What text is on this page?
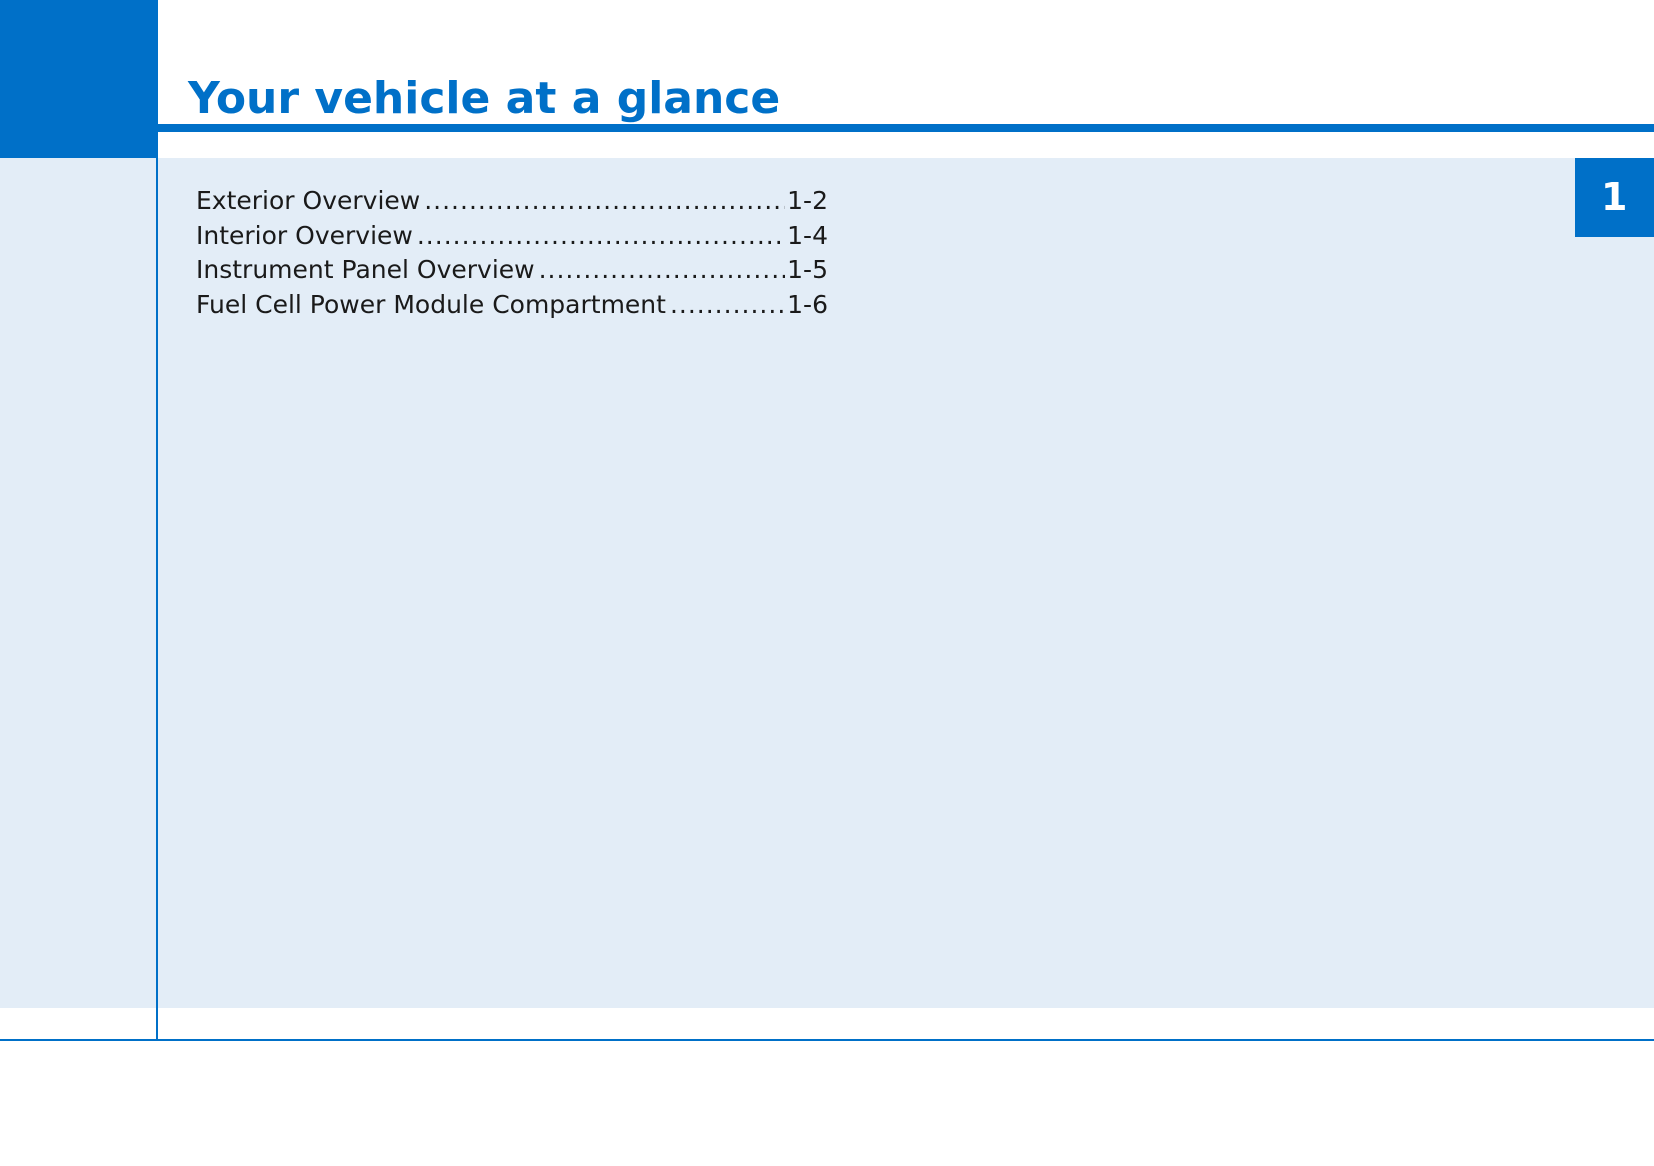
Your vehicle at a glance
1
Exterior Overview .....	1-2
Interior Overview .....	1-4
Instrument Panel Overview .....	1-5
Fuel Cell Power Module Compartment .....	1-6
